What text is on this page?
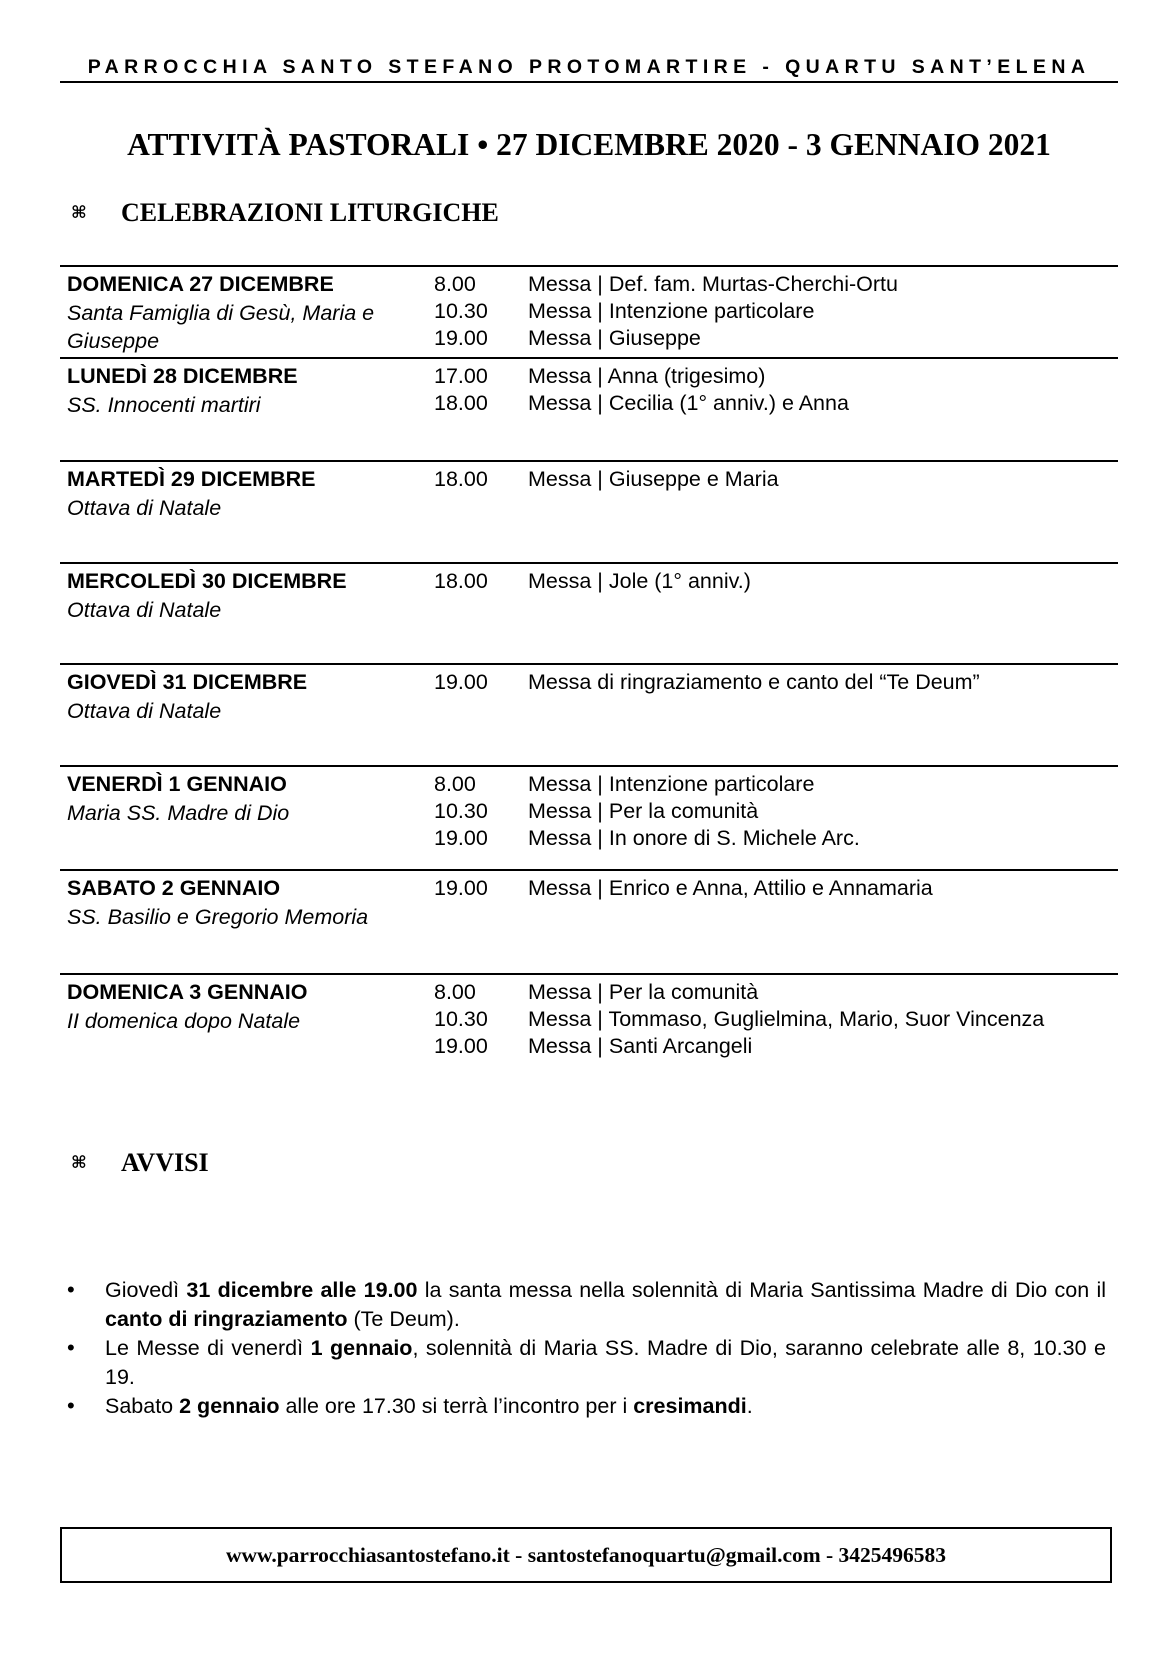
PARROCCHIA SANTO STEFANO PROTOMARTIRE - QUARTU SANT’ELENA
ATTIVITÀ PASTORALI • 27 DICEMBRE 2020 - 3 GENNAIO 2021
⌘ CELEBRAZIONI LITURGICHE
DOMENICA 27 DICEMBRE
Santa Famiglia di Gesù, Maria e Giuseppe
8.00 Messa | Def. fam. Murtas-Cherchi-Ortu
10.30 Messa | Intenzione particolare
19.00 Messa | Giuseppe
LUNEDÌ 28 DICEMBRE
SS. Innocenti martiri
17.00 Messa | Anna (trigesimo)
18.00 Messa | Cecilia (1° anniv.) e Anna
MARTEDÌ 29 DICEMBRE
Ottava di Natale
18.00 Messa | Giuseppe e Maria
MERCOLEDÌ 30 DICEMBRE
Ottava di Natale
18.00 Messa | Jole (1° anniv.)
GIOVEDÌ 31 DICEMBRE
Ottava di Natale
19.00 Messa di ringraziamento e canto del “Te Deum”
VENERDÌ 1 GENNAIO
Maria SS. Madre di Dio
8.00 Messa | Intenzione particolare
10.30 Messa | Per la comunità
19.00 Messa | In onore di S. Michele Arc.
SABATO 2 GENNAIO
SS. Basilio e Gregorio Memoria
19.00 Messa | Enrico e Anna, Attilio e Annamaria
DOMENICA 3 GENNAIO
II domenica dopo Natale
8.00 Messa | Per la comunità
10.30 Messa | Tommaso, Guglielmina, Mario, Suor Vincenza
19.00 Messa | Santi Arcangeli
⌘ AVVISI
• Giovedì 31 dicembre alle 19.00 la santa messa nella solennità di Maria Santissima Madre di Dio con il canto di ringraziamento (Te Deum).
• Le Messe di venerdì 1 gennaio, solennità di Maria SS. Madre di Dio, saranno celebrate alle 8, 10.30 e 19.
• Sabato 2 gennaio alle ore 17.30 si terrà l’incontro per i cresimandi.
www.parrocchiasantostefano.it - santostefanoquartu@gmail.com - 3425496583
